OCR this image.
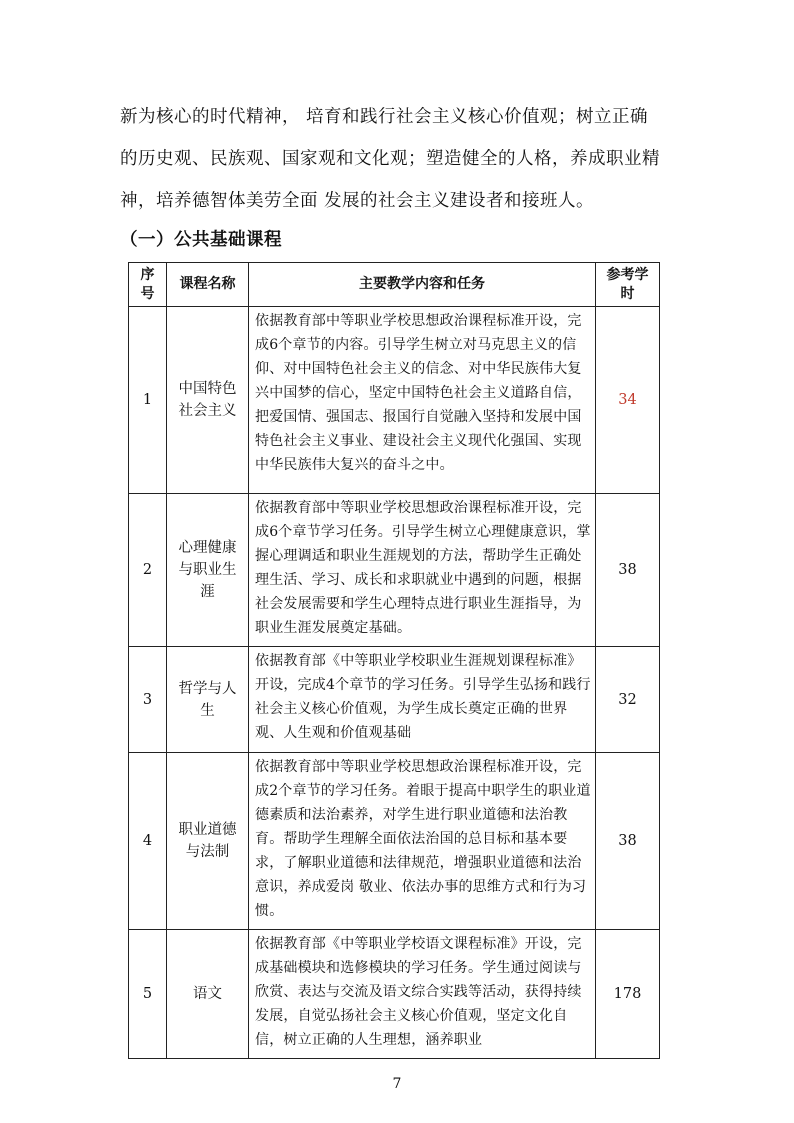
新为核心的时代精神， 培育和践行社会主义核心价值观；树立正确

的历史观、民族观、国家观和文化观；塑造健全的人格，养成职业精

神，培养德智体美劳全面 发展的社会主义建设者和接班人。

（一）公共基础课程
序号	课程名称	主要教学内容和任务	参考学时
1	中国特色社会主义	依据教育部中等职业学校思想政治课程标准开设，完成6个章节的内容。引导学生树立对马克思主义的信仰、对中国特色社会主义的信念、对中华民族伟大复兴中国梦的信心，坚定中国特色社会主义道路自信，把爱国情、强国志、报国行自觉融入坚持和发展中国特色社会主义事业、建设社会主义现代化强国、实现中华民族伟大复兴的奋斗之中。	34
2	心理健康与职业生涯	依据教育部中等职业学校思想政治课程标准开设，完成6个章节学习任务。引导学生树立心理健康意识，掌握心理调适和职业生涯规划的方法，帮助学生正确处理生活、学习、成长和求职就业中遇到的问题，根据社会发展需要和学生心理特点进行职业生涯指导，为职业生涯发展奠定基础。	38
3	哲学与人生	依据教育部《中等职业学校职业生涯规划课程标准》开设，完成4个章节的学习任务。引导学生弘扬和践行社会主义核心价值观，为学生成长奠定正确的世界观、人生观和价值观基础	32
4	职业道德与法制	依据教育部中等职业学校思想政治课程标准开设，完成2个章节的学习任务。着眼于提高中职学生的职业道德素质和法治素养，对学生进行职业道德和法治教育。帮助学生理解全面依法治国的总目标和基本要求，了解职业道德和法律规范，增强职业道德和法治意识，养成爱岗 敬业、依法办事的思维方式和行为习惯。	38
5	语文	依据教育部《中等职业学校语文课程标准》开设，完成基础模块和选修模块的学习任务。学生通过阅读与欣赏、表达与交流及语文综合实践等活动，获得持续发展，自觉弘扬社会主义核心价值观，坚定文化自信，树立正确的人生理想，涵养职业	178
7
